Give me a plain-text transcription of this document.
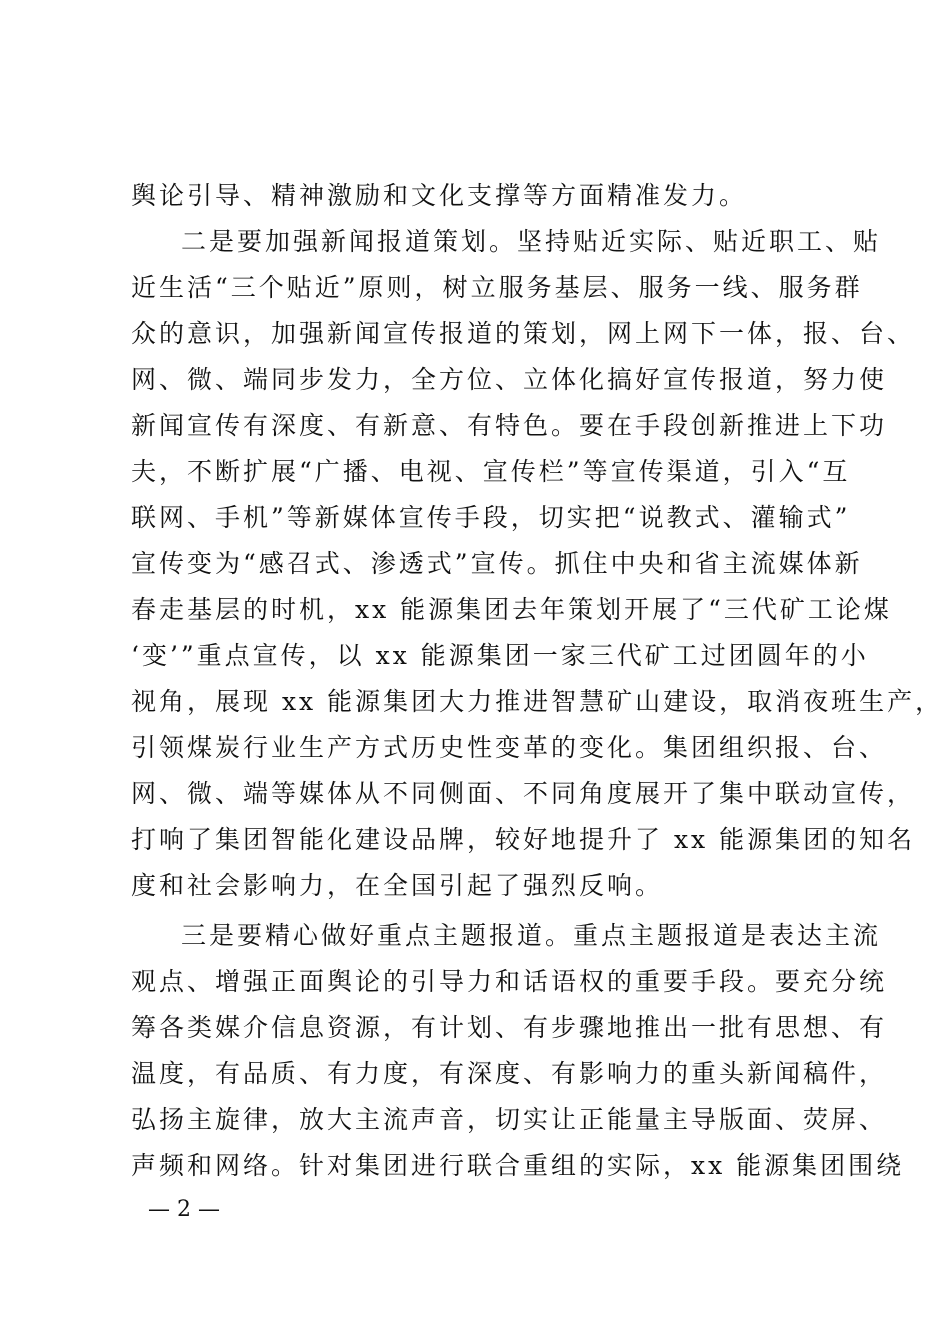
舆论引导、精神激励和文化支撑等方面精准发力。
二是要加强新闻报道策划。坚持贴近实际、贴近职工、贴
近生活“三个贴近”原则，树立服务基层、服务一线、服务群
众的意识，加强新闻宣传报道的策划，网上网下一体，报、台、
网、微、端同步发力，全方位、立体化搞好宣传报道，努力使
新闻宣传有深度、有新意、有特色。要在手段创新推进上下功
夫，不断扩展“广播、电视、宣传栏”等宣传渠道，引入“互
联网、手机”等新媒体宣传手段，切实把“说教式、灌输式”
宣传变为“感召式、渗透式”宣传。抓住中央和省主流媒体新
春走基层的时机，xx 能源集团去年策划开展了“三代矿工论煤
‘变’”重点宣传，以 xx 能源集团一家三代矿工过团圆年的小
视角，展现 xx 能源集团大力推进智慧矿山建设，取消夜班生产，
引领煤炭行业生产方式历史性变革的变化。集团组织报、台、
网、微、端等媒体从不同侧面、不同角度展开了集中联动宣传，
打响了集团智能化建设品牌，较好地提升了 xx 能源集团的知名
度和社会影响力，在全国引起了强烈反响。
三是要精心做好重点主题报道。重点主题报道是表达主流
观点、增强正面舆论的引导力和话语权的重要手段。要充分统
筹各类媒介信息资源，有计划、有步骤地推出一批有思想、有
温度，有品质、有力度，有深度、有影响力的重头新闻稿件，
弘扬主旋律，放大主流声音，切实让正能量主导版面、荧屏、
声频和网络。针对集团进行联合重组的实际，xx 能源集团围绕
— 2 —
